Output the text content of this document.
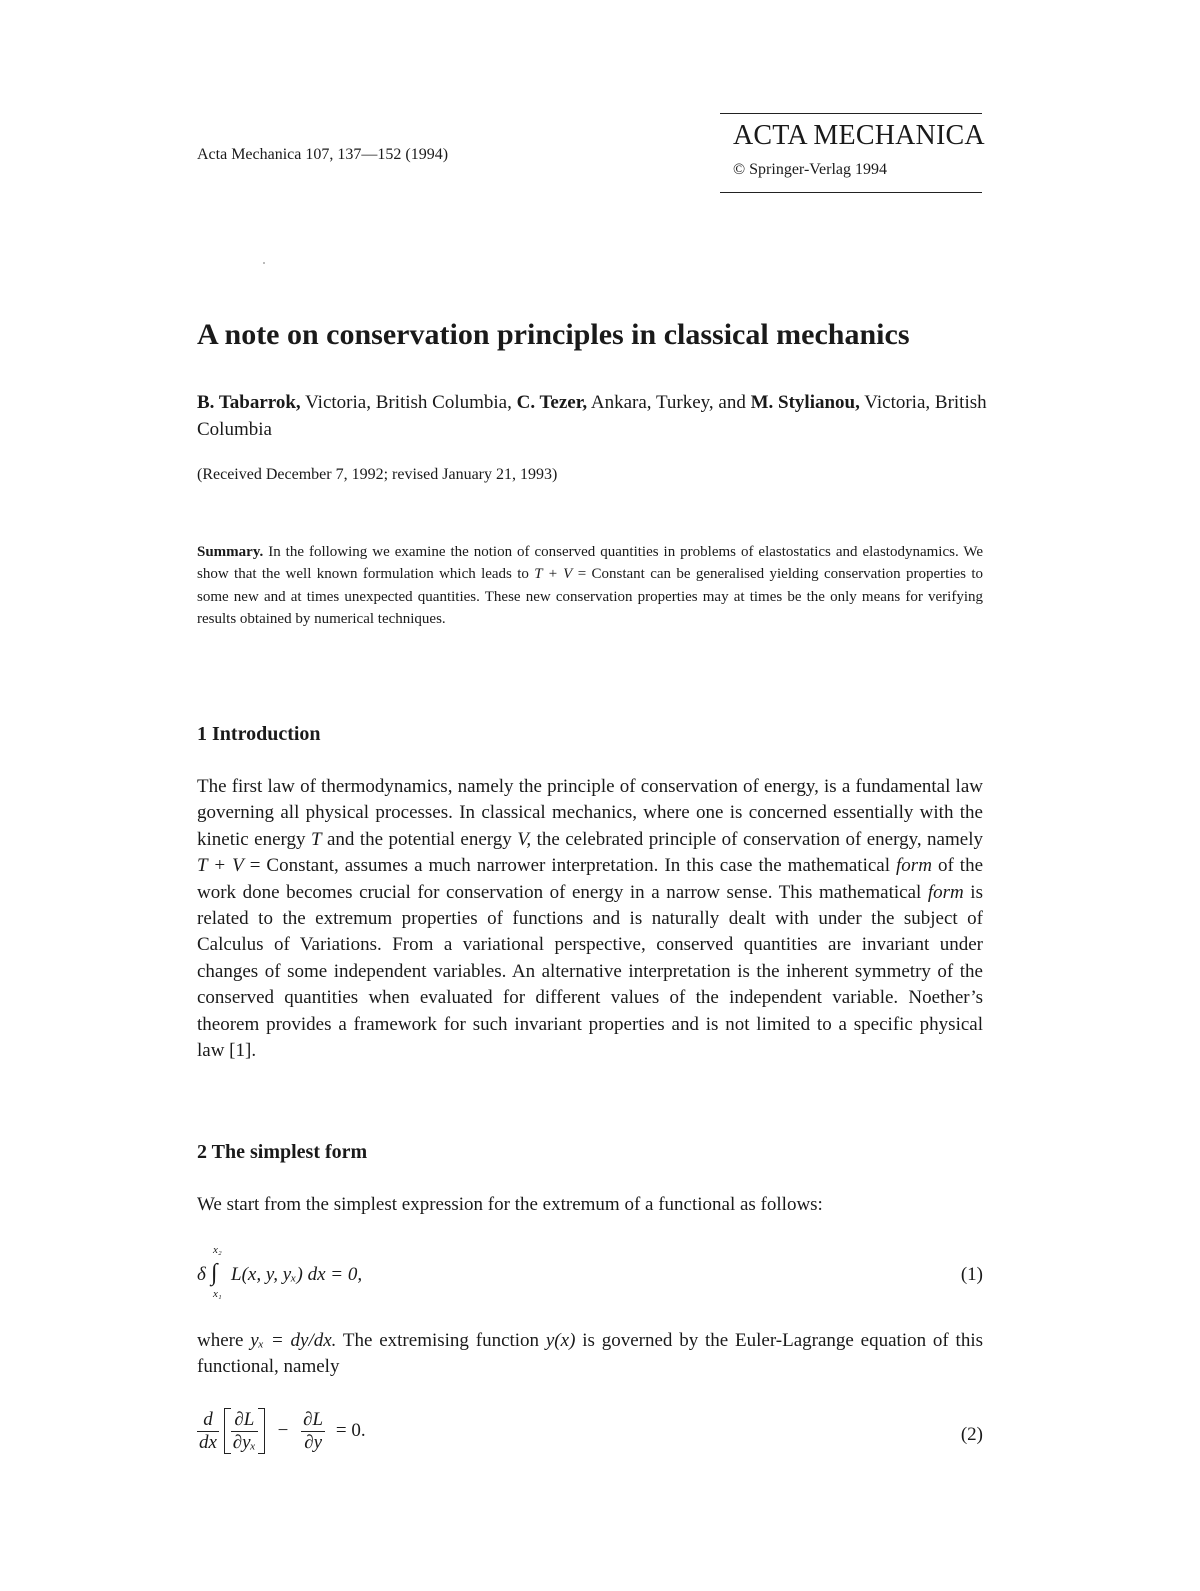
Acta Mechanica 107, 137—152 (1994)
ACTA MECHANICA
© Springer-Verlag 1994
A note on conservation principles in classical mechanics
B. Tabarrok, Victoria, British Columbia, C. Tezer, Ankara, Turkey, and M. Stylianou, Victoria, British Columbia
(Received December 7, 1992; revised January 21, 1993)
Summary. In the following we examine the notion of conserved quantities in problems of elastostatics and elastodynamics. We show that the well known formulation which leads to T + V = Constant can be generalised yielding conservation properties to some new and at times unexpected quantities. These new conservation properties may at times be the only means for verifying results obtained by numerical techniques.
1 Introduction
The first law of thermodynamics, namely the principle of conservation of energy, is a fundamental law governing all physical processes. In classical mechanics, where one is concerned essentially with the kinetic energy T and the potential energy V, the celebrated principle of conservation of energy, namely T + V = Constant, assumes a much narrower interpretation. In this case the mathematical form of the work done becomes crucial for conservation of energy in a narrow sense. This mathematical form is related to the extremum properties of functions and is naturally dealt with under the subject of Calculus of Variations. From a variational perspective, conserved quantities are invariant under changes of some independent variables. An alternative interpretation is the inherent symmetry of the conserved quantities when evaluated for different values of the independent variable. Noether’s theorem provides a framework for such invariant properties and is not limited to a specific physical law [1].
2 The simplest form
We start from the simplest expression for the extremum of a functional as follows:
δ
x₂
∫
x₁
L(x, y, yₓ) dx = 0,	(1)
where yₓ = dy/dx. The extremising function y(x) is governed by the Euler-Lagrange equation of this functional, namely
$\frac{d}{dx}$
$\frac{\partial L}{\text{∂yₓ}} - \frac{\partial L}{\partial y} = 0$.	(2)
